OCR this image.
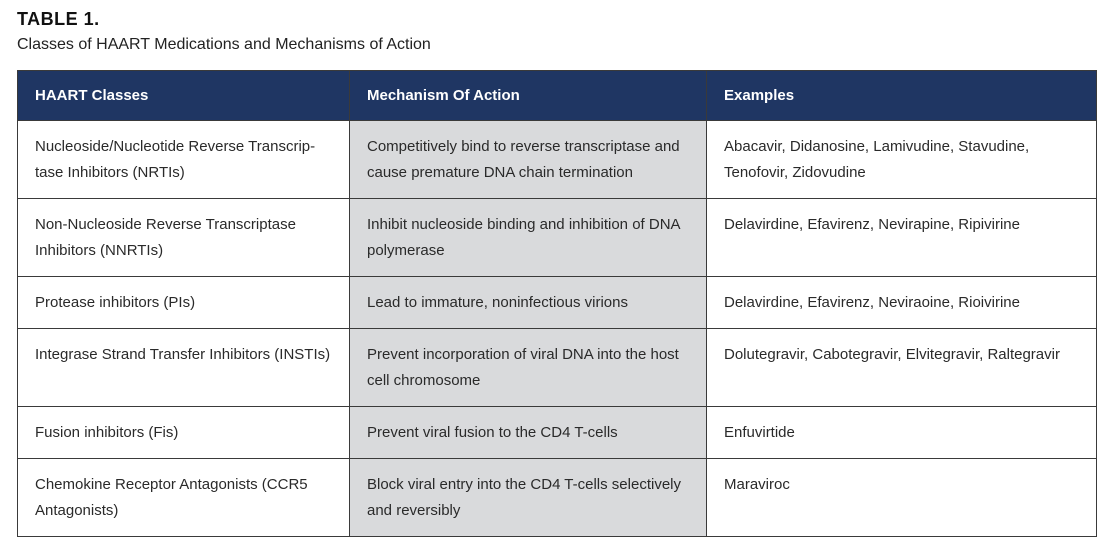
TABLE 1.
Classes of HAART Medications and Mechanisms of Action
HAART Classes	Mechanism Of Action	Examples
Nucleoside/Nucleotide Reverse Transcrip-tase Inhibitors (NRTIs)	Competitively bind to reverse transcriptase and cause premature DNA chain termination	Abacavir, Didanosine, Lamivudine, Stavudine, Tenofovir, Zidovudine
Non-Nucleoside Reverse Transcriptase Inhibitors (NNRTIs)	Inhibit nucleoside binding and inhibition of DNA polymerase	Delavirdine, Efavirenz, Nevirapine, Ripivirine
Protease inhibitors (PIs)	Lead to immature, noninfectious virions	Delavirdine, Efavirenz, Neviraoine, Rioivirine
Integrase Strand Transfer Inhibitors (INSTIs)	Prevent incorporation of viral DNA into the host cell chromosome	Dolutegravir, Cabotegravir, Elvitegravir, Raltegravir
Fusion inhibitors (Fis)	Prevent viral fusion to the CD4 T-cells	Enfuvirtide
Chemokine Receptor Antagonists (CCR5 Antagonists)	Block viral entry into the CD4 T-cells selectively and reversibly	Maraviroc
